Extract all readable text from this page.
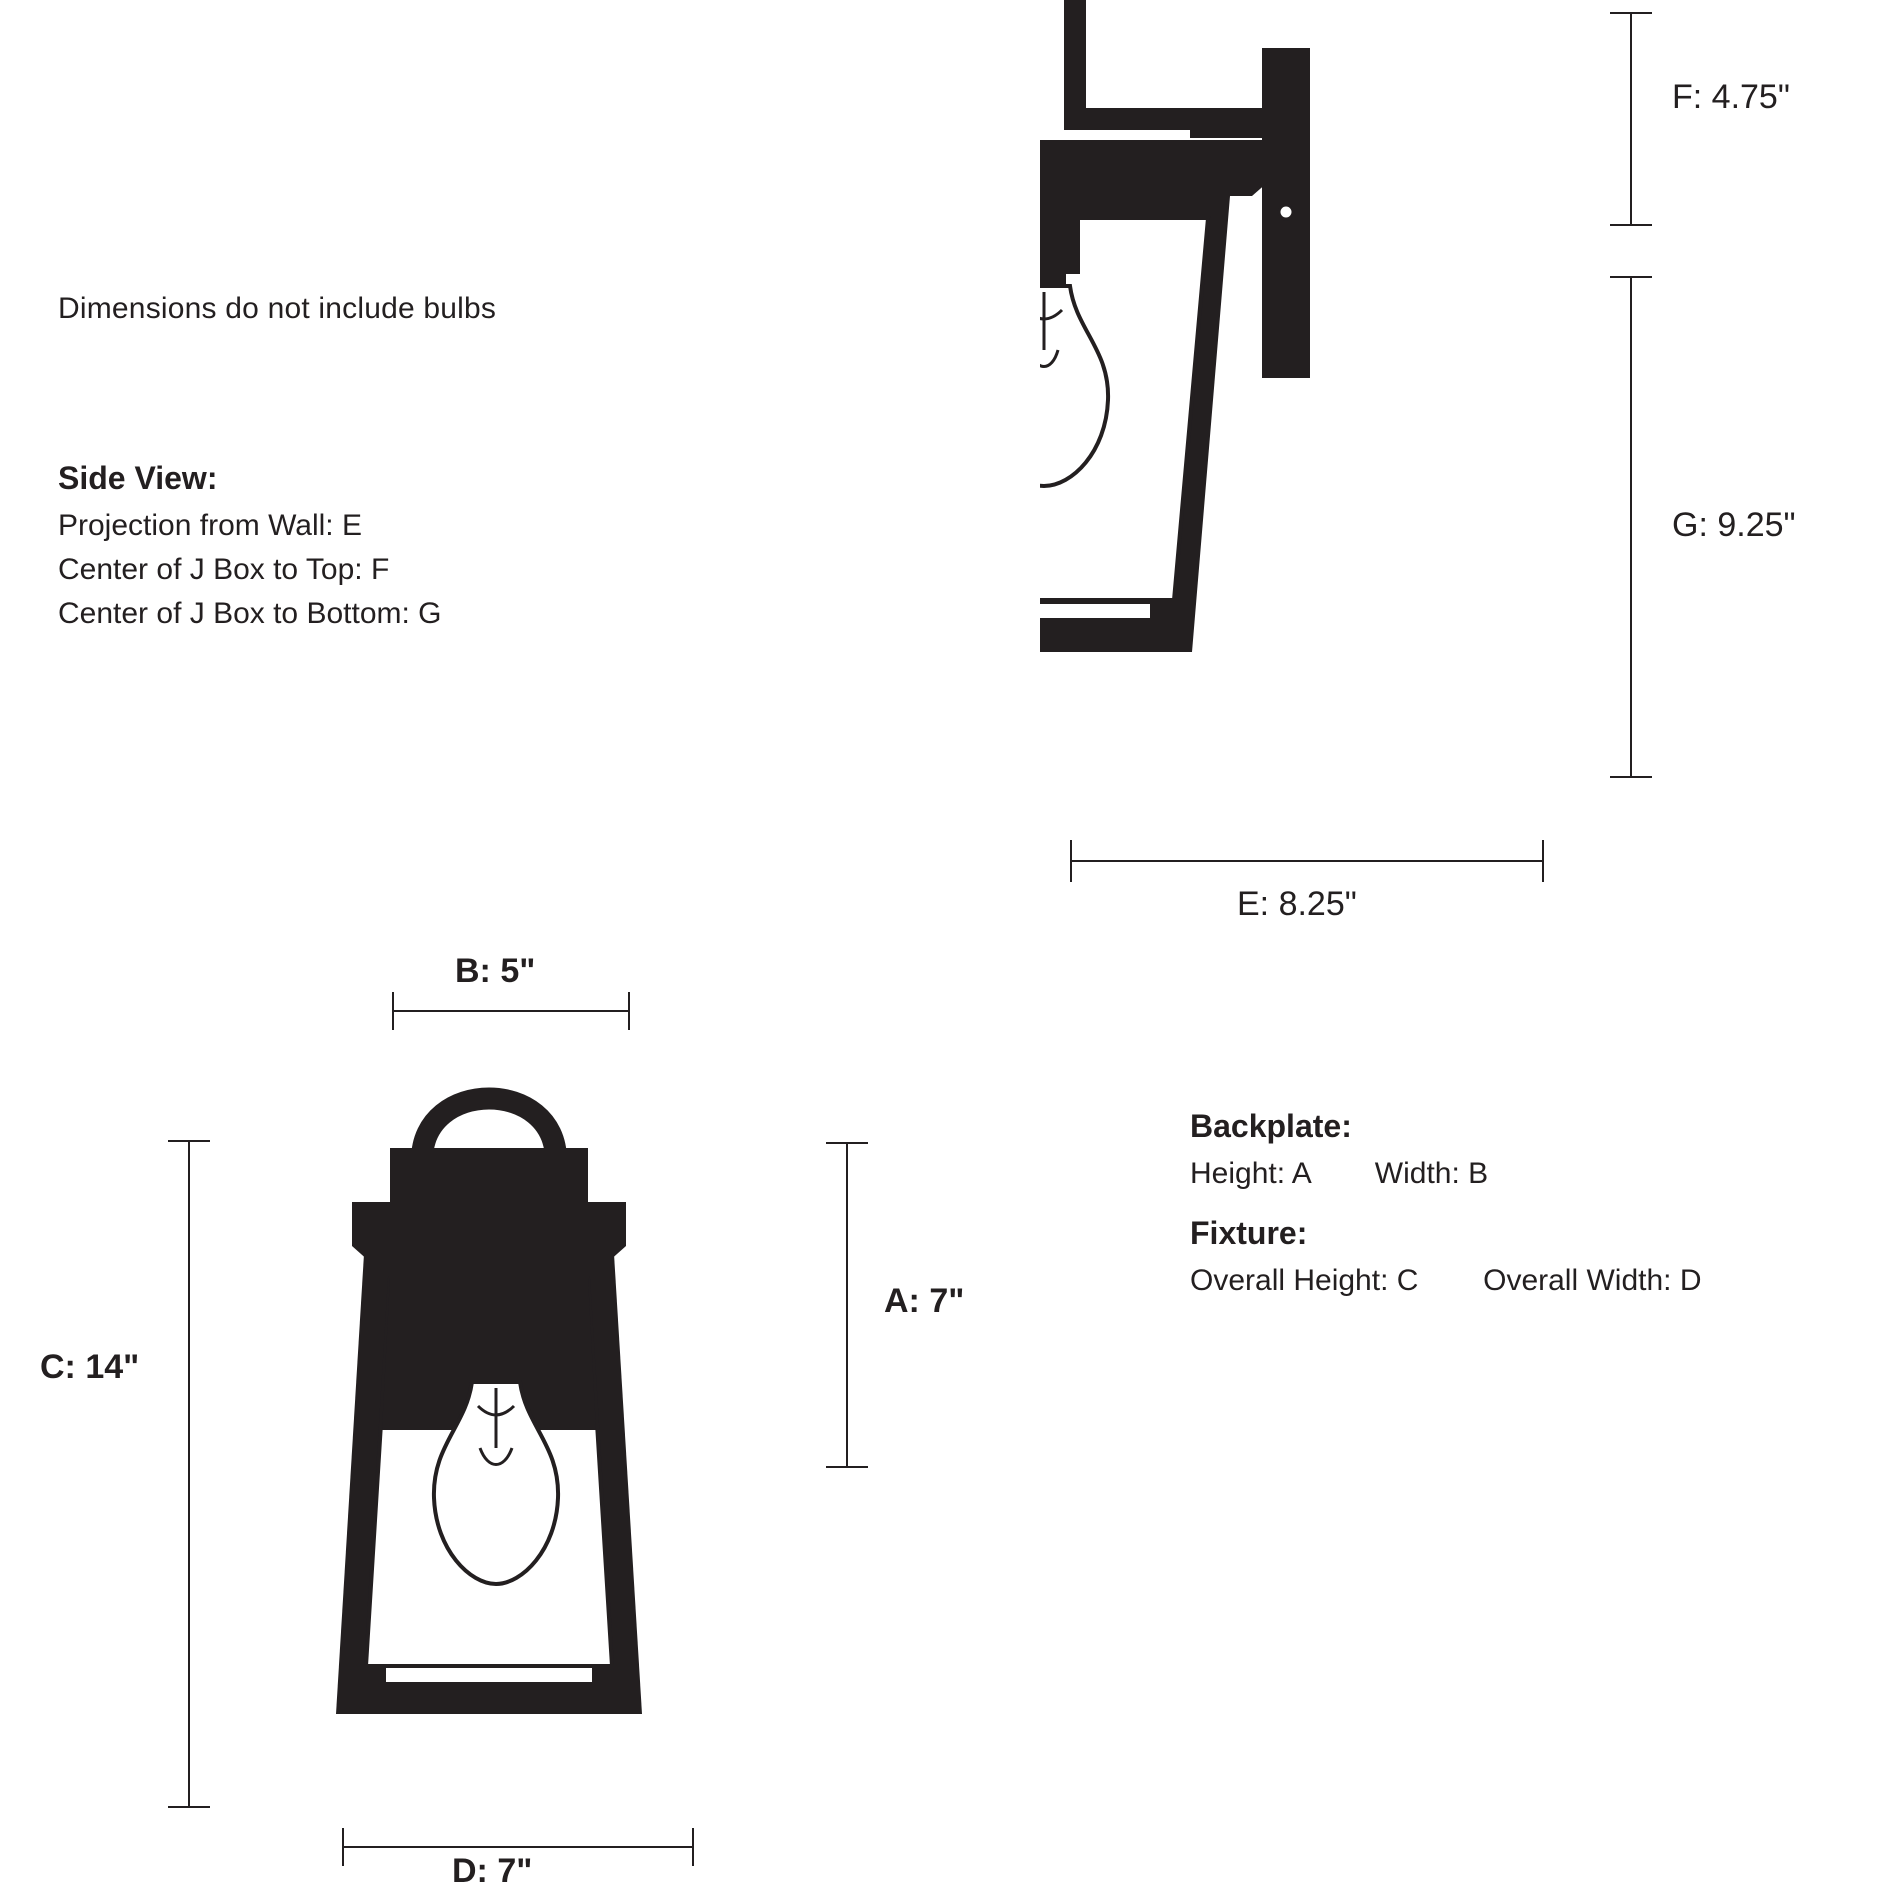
Dimensions do not include bulbs
Side View:
Projection from Wall: E
Center of J Box to Top: F
Center of J Box to Bottom: G
Backplate:
Height: A Width: B
Fixture:
Overall Height: C Overall Width: D
F: 4.75"
G: 9.25"
E: 8.25"
B: 5"
C: 14"
A: 7"
D: 7"
